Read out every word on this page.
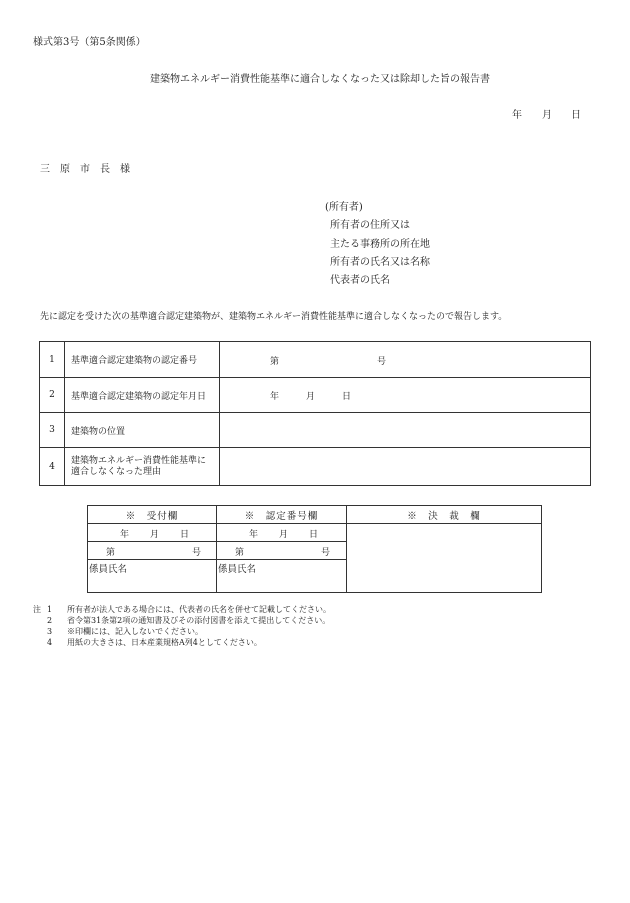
様式第3号（第5条関係）
建築物エネルギー消費性能基準に適合しなくなった又は除却した旨の報告書
年 月 日
三　原　市　長　様
(所有者)
所有者の住所又は
主たる事務所の所在地
所有者の氏名又は名称
代表者の氏名
先に認定を受けた次の基準適合認定建築物が、建築物エネルギー消費性能基準に適合しなくなったので報告します。
1	基準適合認定建築物の認定番号	第 号

2	基準適合認定建築物の認定年月日	年 月 日

3	建築物の位置	
4	建築物エネルギー消費性能基準に
適合しなくなった理由	

※　受付欄	※　認定番号欄	※　決　裁　欄

年 月 日	年 月 日	

第 号	第 号	

係員氏名	係員氏名	
注 1	所有者が法人である場合には、代表者の氏名を併せて記載してください。
2	省令第31条第2項の通知書及びその添付図書を添えて提出してください。
3	※印欄には、記入しないでください。
4	用紙の大きさは、日本産業規格A列4としてください。
